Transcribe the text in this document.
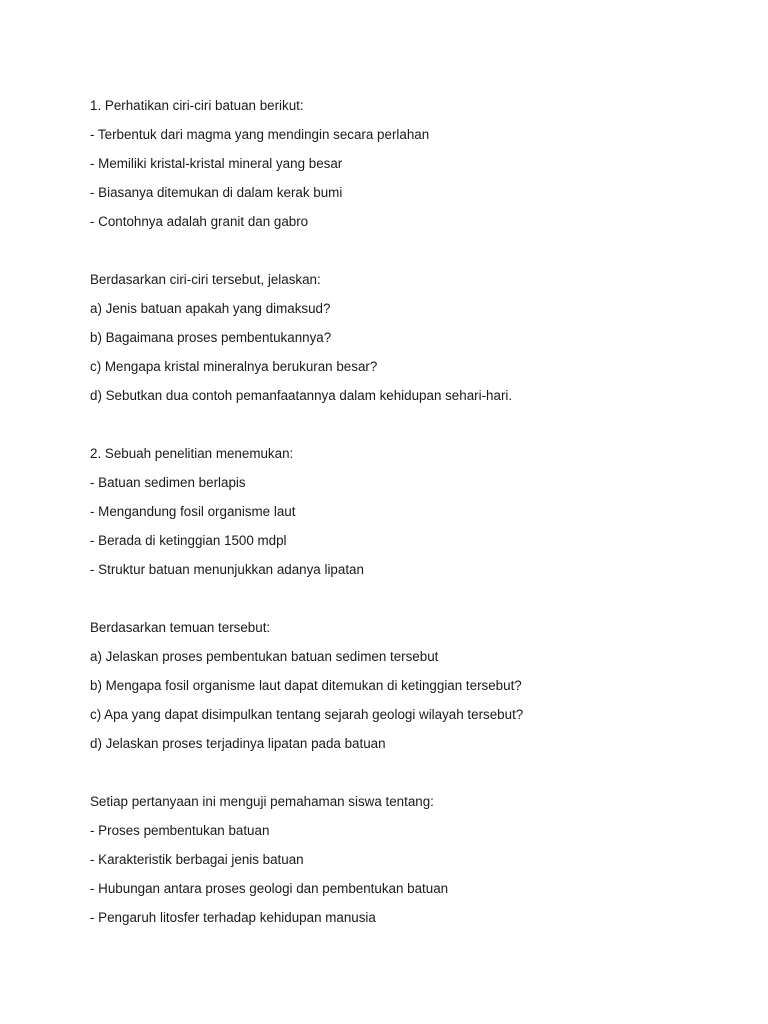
1. Perhatikan ciri-ciri batuan berikut:
- Terbentuk dari magma yang mendingin secara perlahan
- Memiliki kristal-kristal mineral yang besar
- Biasanya ditemukan di dalam kerak bumi
- Contohnya adalah granit dan gabro
Berdasarkan ciri-ciri tersebut, jelaskan:
a) Jenis batuan apakah yang dimaksud?
b) Bagaimana proses pembentukannya?
c) Mengapa kristal mineralnya berukuran besar?
d) Sebutkan dua contoh pemanfaatannya dalam kehidupan sehari-hari.
2. Sebuah penelitian menemukan:
- Batuan sedimen berlapis
- Mengandung fosil organisme laut
- Berada di ketinggian 1500 mdpl
- Struktur batuan menunjukkan adanya lipatan
Berdasarkan temuan tersebut:
a) Jelaskan proses pembentukan batuan sedimen tersebut
b) Mengapa fosil organisme laut dapat ditemukan di ketinggian tersebut?
c) Apa yang dapat disimpulkan tentang sejarah geologi wilayah tersebut?
d) Jelaskan proses terjadinya lipatan pada batuan
Setiap pertanyaan ini menguji pemahaman siswa tentang:
- Proses pembentukan batuan
- Karakteristik berbagai jenis batuan
- Hubungan antara proses geologi dan pembentukan batuan
- Pengaruh litosfer terhadap kehidupan manusia
